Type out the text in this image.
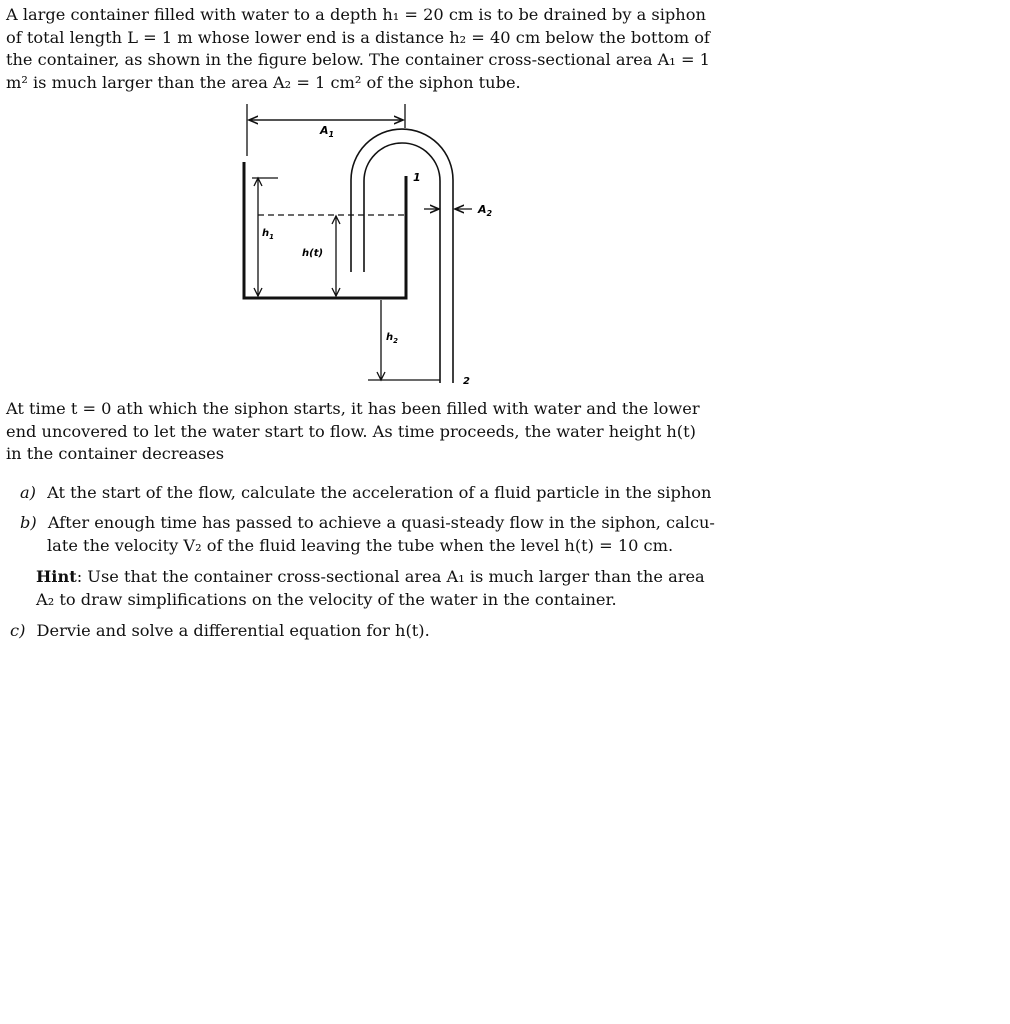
A large container filled with water to a depth h₁ = 20 cm is to be drained by a siphon
of total length L = 1 m whose lower end is a distance h₂ = 40 cm below the bottom of
the container, as shown in the figure below. The container cross-sectional area A₁ = 1
m² is much larger than the area A₂ = 1 cm² of the siphon tube.
$A_1$
1
$A_2$
$h_1$
h(t)
$h_2$
2
At time t = 0 ath which the siphon starts, it has been filled with water and the lower
end uncovered to let the water start to flow. As time proceeds, the water height h(t)
in the container decreases
a) At the start of the flow, calculate the acceleration of a fluid particle in the siphon
b) After enough time has passed to achieve a quasi-steady flow in the siphon, calcu-
late the velocity V₂ of the fluid leaving the tube when the level h(t) = 10 cm.
Hint: Use that the container cross-sectional area A₁ is much larger than the area
A₂ to draw simplifications on the velocity of the water in the container.
c) Dervie and solve a differential equation for h(t).
